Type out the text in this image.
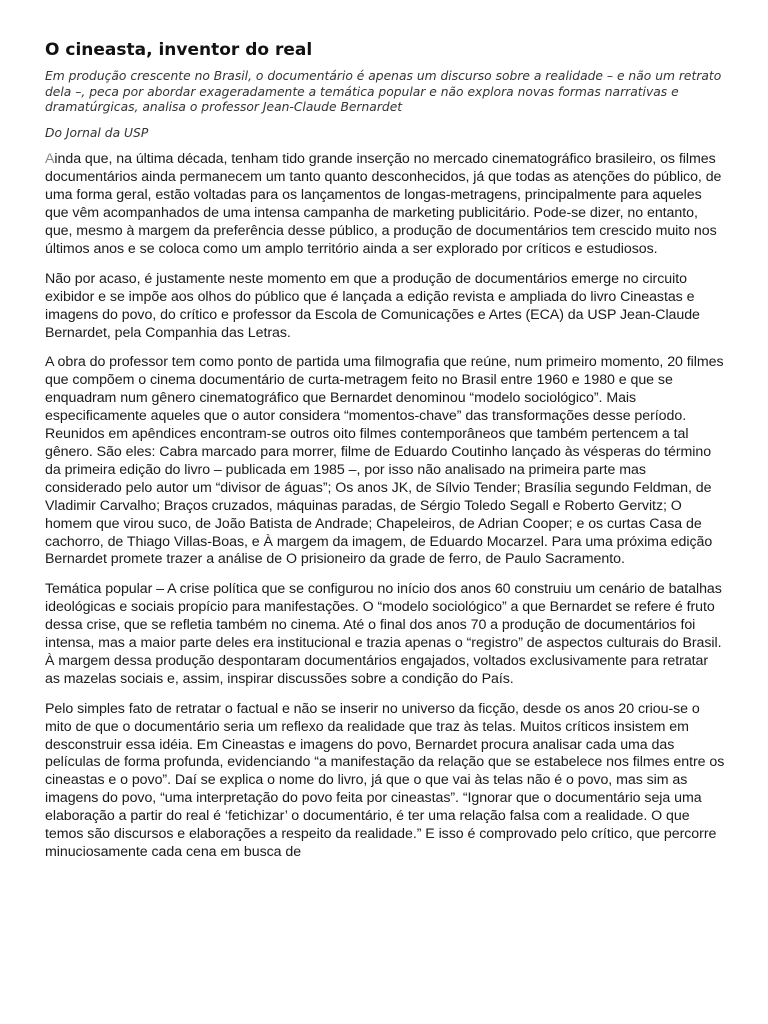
O cineasta, inventor do real

Em produção crescente no Brasil, o documentário é apenas um discurso sobre a realidade – e não um retrato dela –, peca por abordar exageradamente a temática popular e não explora novas formas narrativas e dramatúrgicas, analisa o professor Jean-Claude Bernardet

Do Jornal da USP

Ainda que, na última década, tenham tido grande inserção no mercado cinematográfico brasileiro, os filmes documentários ainda permanecem um tanto quanto desconhecidos, já que todas as atenções do público, de uma forma geral, estão voltadas para os lançamentos de longas-metragens, principalmente para aqueles que vêm acompanhados de uma intensa campanha de marketing publicitário. Pode-se dizer, no entanto, que, mesmo à margem da preferência desse público, a produção de documentários tem crescido muito nos últimos anos e se coloca como um amplo território ainda a ser explorado por críticos e estudiosos.

Não por acaso, é justamente neste momento em que a produção de documentários emerge no circuito exibidor e se impõe aos olhos do público que é lançada a edição revista e ampliada do livro Cineastas e imagens do povo, do crítico e professor da Escola de Comunicações e Artes (ECA) da USP Jean-Claude Bernardet, pela Companhia das Letras.

A obra do professor tem como ponto de partida uma filmografia que reúne, num primeiro momento, 20 filmes que compõem o cinema documentário de curta-metragem feito no Brasil entre 1960 e 1980 e que se enquadram num gênero cinematográfico que Bernardet denominou “modelo sociológico”. Mais especificamente aqueles que o autor considera “momentos-chave” das transformações desse período. Reunidos em apêndices encontram-se outros oito filmes contemporâneos que também pertencem a tal gênero. São eles: Cabra marcado para morrer, filme de Eduardo Coutinho lançado às vésperas do término da primeira edição do livro – publicada em 1985 –, por isso não analisado na primeira parte mas considerado pelo autor um “divisor de águas”; Os anos JK, de Sílvio Tender; Brasília segundo Feldman, de Vladimir Carvalho; Braços cruzados, máquinas paradas, de Sérgio Toledo Segall e Roberto Gervitz; O homem que virou suco, de João Batista de Andrade; Chapeleiros, de Adrian Cooper; e os curtas Casa de cachorro, de Thiago Villas-Boas, e À margem da imagem, de Eduardo Mocarzel. Para uma próxima edição Bernardet promete trazer a análise de O prisioneiro da grade de ferro, de Paulo Sacramento.

Temática popular – A crise política que se configurou no início dos anos 60 construiu um cenário de batalhas ideológicas e sociais propício para manifestações. O “modelo sociológico” a que Bernardet se refere é fruto dessa crise, que se refletia também no cinema. Até o final dos anos 70 a produção de documentários foi intensa, mas a maior parte deles era institucional e trazia apenas o “registro” de aspectos culturais do Brasil. À margem dessa produção despontaram documentários engajados, voltados exclusivamente para retratar as mazelas sociais e, assim, inspirar discussões sobre a condição do País.

Pelo simples fato de retratar o factual e não se inserir no universo da ficção, desde os anos 20 criou-se o mito de que o documentário seria um reflexo da realidade que traz às telas. Muitos críticos insistem em desconstruir essa idéia. Em Cineastas e imagens do povo, Bernardet procura analisar cada uma das películas de forma profunda, evidenciando “a manifestação da relação que se estabelece nos filmes entre os cineastas e o povo”. Daí se explica o nome do livro, já que o que vai às telas não é o povo, mas sim as imagens do povo, “uma interpretação do povo feita por cineastas”. “Ignorar que o documentário seja uma elaboração a partir do real é ‘fetichizar’ o documentário, é ter uma relação falsa com a realidade. O que temos são discursos e elaborações a respeito da realidade.” E isso é comprovado pelo crítico, que percorre minuciosamente cada cena em busca de
